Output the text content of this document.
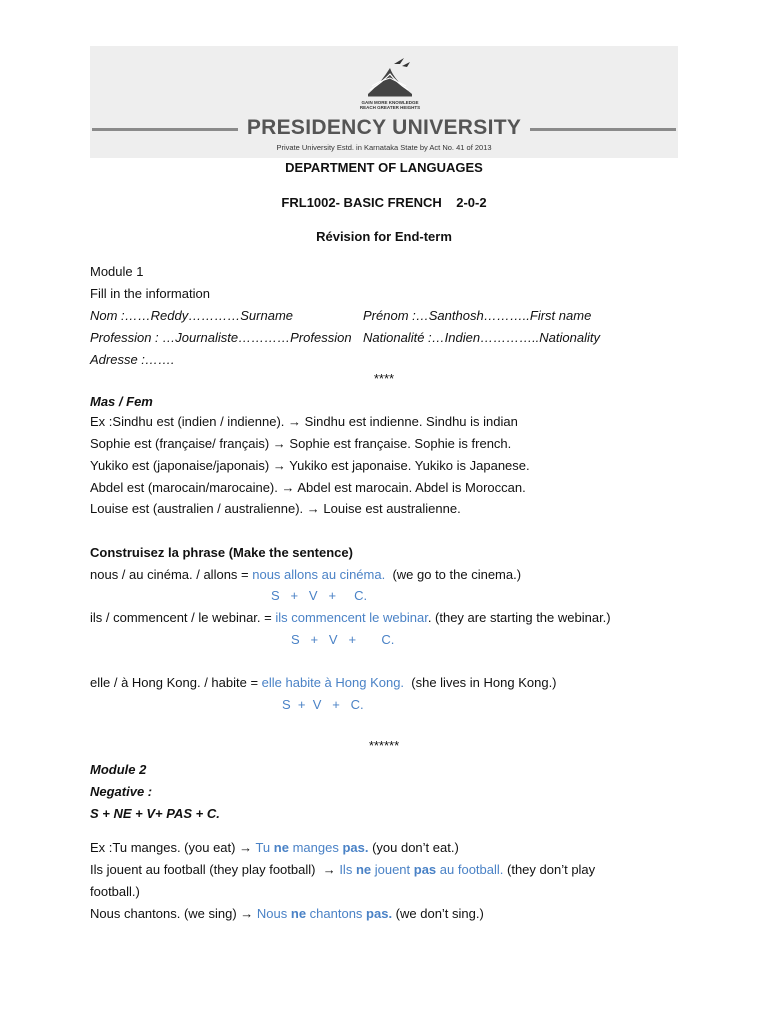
GAIN MORE KNOWLEDGE
REACH GREATER HEIGHTS
PRESIDENCY UNIVERSITY
Private University Estd. in Karnataka State by Act No. 41 of 2013
DEPARTMENT OF LANGUAGES
FRL1002- BASIC FRENCH    2-0-2
Révision for End-term
Module 1
Fill in the information
Nom :……Reddy…………Surname	Prénom :…Santhosh………..First name
Profession : …Journaliste…………Profession Nationalité :…Indien…………..Nationality
Adresse :…….
****
Mas / Fem
Ex :Sindhu est (indien / indienne). → Sindhu est indienne. Sindhu is indian
Sophie est (française/ français) → Sophie est française. Sophie is french.
Yukiko est (japonaise/japonais) → Yukiko est japonaise. Yukiko is Japanese.
Abdel est (marocain/marocaine). → Abdel est marocain. Abdel is Moroccan.
Louise est (australien / australienne). → Louise est australienne.
Construisez la phrase (Make the sentence)
nous / au cinéma. / allons = nous allons au cinéma.  (we go to the cinema.)
S   +   V   +     C.
ils / commencent / le webinar. = ils commencent le webinar. (they are starting the webinar.)
S   +   V   +       C.
elle / à Hong Kong. / habite = elle habite à Hong Kong.  (she lives in Hong Kong.)
S  +  V   +   C.
******
Module 2
Negative :
S + NE + V+ PAS + C.
Ex :Tu manges. (you eat) → Tu ne manges pas. (you don’t eat.)
Ils jouent au football (they play football)  → Ils ne jouent pas au football. (they don’t play
football.)
Nous chantons. (we sing) → Nous ne chantons pas. (we don’t sing.)
